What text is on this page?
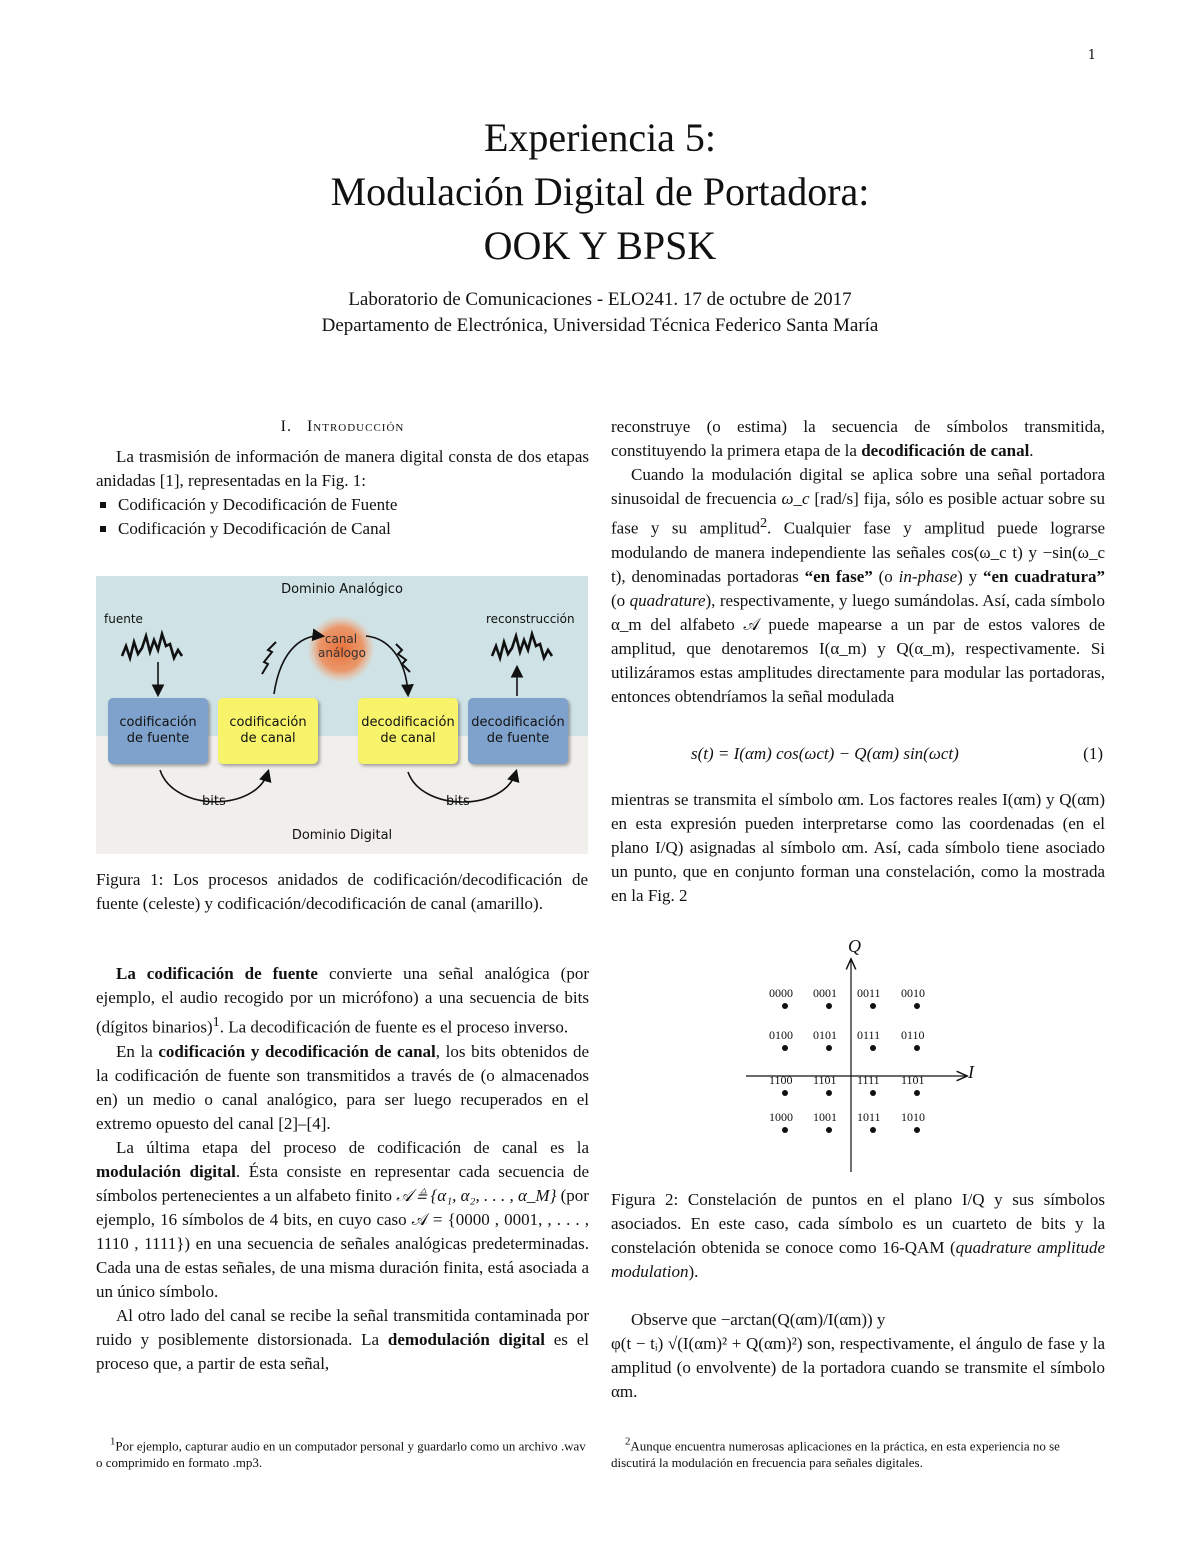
1
Experiencia 5:
Modulación Digital de Portadora:
OOK Y BPSK
Laboratorio de Comunicaciones - ELO241. 17 de octubre de 2017
Departamento de Electrónica, Universidad Técnica Federico Santa María
I. Introducción

La trasmisión de información de manera digital consta de dos etapas anidadas [1], representadas en la Fig. 1:

Codificación y Decodificación de Fuente
Codificación y Decodificación de Canal
Dominio Analógico
Dominio Digital
fuente	reconstrucción
canal
análogo
codificación
de fuente
codificación
de canal
decodificación
de canal
decodificación
de fuente
bits	bits
Figura 1: Los procesos anidados de codificación/decodificación de fuente (celeste) y codificación/decodificación de canal (amarillo).

La codificación de fuente convierte una señal analógica (por ejemplo, el audio recogido por un micrófono) a una secuencia de bits (dígitos binarios)$^1$. La decodificación de fuente es el proceso inverso.

En la codificación y decodificación de canal, los bits obtenidos de la codificación de fuente son transmitidos a través de (o almacenados en) un medio o canal analógico, para ser luego recuperados en el extremo opuesto del canal [2]–[4].

La última etapa del proceso de codificación de canal es la modulación digital. Ésta consiste en representar cada secuencia de símbolos pertenecientes a un alfabeto finito 𝒜 ≜ {α₁, α₂, . . . , α_M} (por ejemplo, 16 símbolos de 4 bits, en cuyo caso 𝒜 = {0000 , 0001, , . . . , 1110 , 1111}) en una secuencia de señales analógicas predeterminadas. Cada una de estas señales, de una misma duración finita, está asociada a un único símbolo.

Al otro lado del canal se recibe la señal transmitida contaminada por ruido y posiblemente distorsionada. La demodulación digital es el proceso que, a partir de esta señal,

$^1$Por ejemplo, capturar audio en un computador personal y guardarlo como un archivo .wav o comprimido en formato .mp3.

reconstruye (o estima) la secuencia de símbolos transmitida, constituyendo la primera etapa de la decodificación de canal.

Cuando la modulación digital se aplica sobre una señal portadora sinusoidal de frecuencia ω_c [rad/s] fija, sólo es posible actuar sobre su fase y su amplitud$^2$. Cualquier fase y amplitud puede lograrse modulando de manera independiente las señales cos(ω_c t) y −sin(ω_c t), denominadas portadoras “en fase” (o in-phase) y “en cuadratura” (o quadrature), respectivamente, y luego sumándolas. Así, cada símbolo α_m del alfabeto 𝒜 puede mapearse a un par de estos valores de amplitud, que denotaremos I(α_m) y Q(α_m), respectivamente. Si utilizáramos estas amplitudes directamente para modular las portadoras, entonces obtendríamos la señal modulada

s(t) = I(αm) cos(ωct) − Q(αm) sin(ωct)	(1)
mientras se transmita el símbolo αm. Los factores reales I(αm) y Q(αm) en esta expresión pueden interpretarse como las coordenadas (en el plano I/Q) asignadas al símbolo αm. Así, cada símbolo tiene asociado un punto, que en conjunto forman una constelación, como la mostrada en la Fig. 2
Q
I
0000 0001 0011 0010
0100 0101 0111 0110
1100 1101 1111 1101
1000 1001 1011 1010
Figura 2: Constelación de puntos en el plano I/Q y sus símbolos asociados. En este caso, cada símbolo es un cuarteto de bits y la constelación obtenida se conoce como 16-QAM (quadrature amplitude modulation).

Observe que −arctan(Q(αm)/I(αm)) y

φ(t − tᵢ) √(I(αm)² + Q(αm)²) son, respectivamente, el ángulo de fase y la amplitud (o envolvente) de la portadora cuando se transmite el símbolo αm.

$^2$Aunque encuentra numerosas aplicaciones en la práctica, en esta experiencia no se discutirá la modulación en frecuencia para señales digitales.
